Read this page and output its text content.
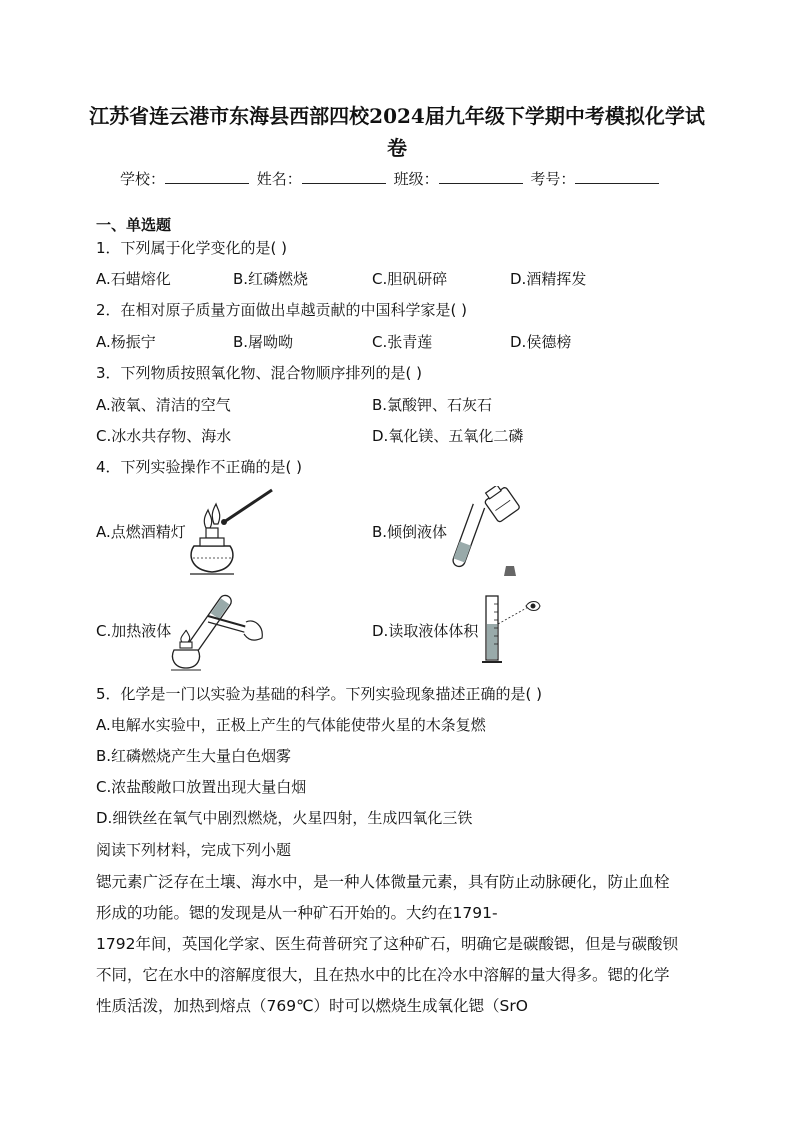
江苏省连云港市东海县西部四校2024届九年级下学期中考模拟化学试
卷
学校：	姓名：	班级：	考号：
一、单选题
1．下列属于化学变化的是( )
A.石蜡熔化	B.红磷燃烧	C.胆矾研碎	D.酒精挥发
2．在相对原子质量方面做出卓越贡献的中国科学家是( )
A.杨振宁	B.屠呦呦	C.张青莲	D.侯德榜
3．下列物质按照氧化物、混合物顺序排列的是( )
A.液氧、清洁的空气	B.氯酸钾、石灰石
C.冰水共存物、海水	D.氧化镁、五氧化二磷
4．下列实验操作不正确的是( )
A.点燃酒精灯	B.倾倒液体
C.加热液体	D.读取液体体积
5．化学是一门以实验为基础的科学。下列实验现象描述正确的是( )
A.电解水实验中，正极上产生的气体能使带火星的木条复燃
B.红磷燃烧产生大量白色烟雾
C.浓盐酸敞口放置出现大量白烟
D.细铁丝在氧气中剧烈燃烧，火星四射，生成四氧化三铁
阅读下列材料，完成下列小题
锶元素广泛存在土壤、海水中，是一种人体微量元素，具有防止动脉硬化，防止血栓
形成的功能。锶的发现是从一种矿石开始的。大约在1791-
1792年间，英国化学家、医生荷普研究了这种矿石，明确它是碳酸锶，但是与碳酸钡
不同，它在水中的溶解度很大，且在热水中的比在冷水中溶解的量大得多。锶的化学
性质活泼，加热到熔点（769℃）时可以燃烧生成氧化锶（SrO
